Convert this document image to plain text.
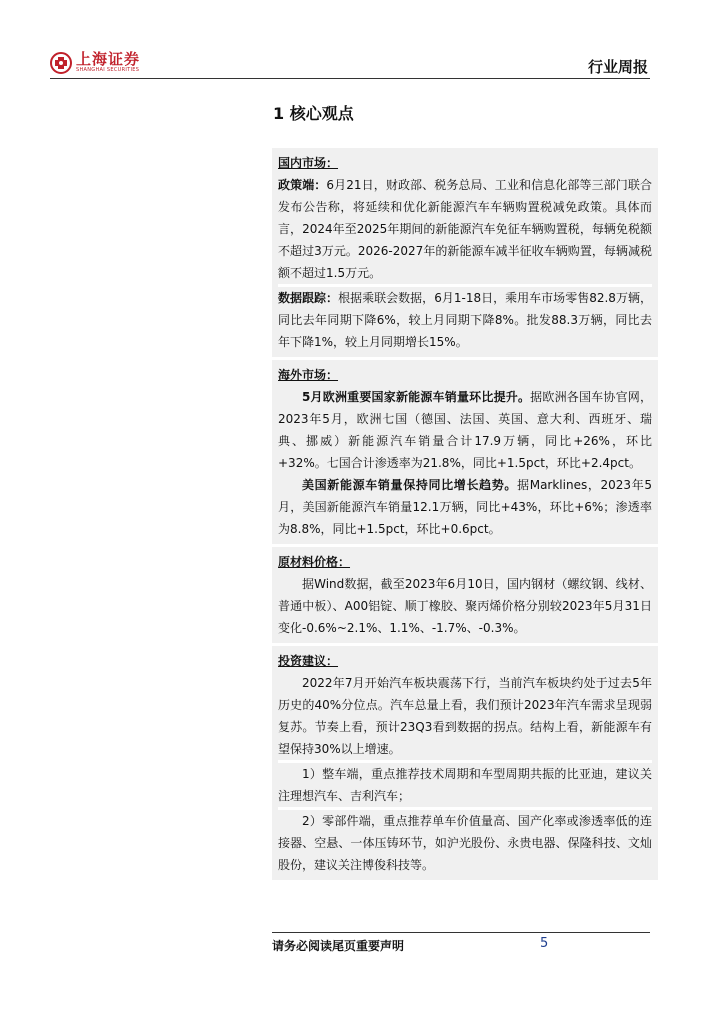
上海证券
SHANGHAI SECURITIES	行业周报
1 核心观点
国内市场：

政策端：6月21日，财政部、税务总局、工业和信息化部等三部门联合发布公告称，将延续和优化新能源汽车车辆购置税减免政策。具体而言，2024年至2025年期间的新能源汽车免征车辆购置税，每辆免税额不超过3万元。2026-2027年的新能源车减半征收车辆购置，每辆减税额不超过1.5万元。

数据跟踪：根据乘联会数据，6月1-18日，乘用车市场零售82.8万辆，同比去年同期下降6%，较上月同期下降8%。批发88.3万辆，同比去年下降1%，较上月同期增长15%。

海外市场：

5月欧洲重要国家新能源车销量环比提升。据欧洲各国车协官网，2023年5月，欧洲七国（德国、法国、英国、意大利、西班牙、瑞典、挪威）新能源汽车销量合计17.9万辆，同比+26%，环比+32%。七国合计渗透率为21.8%，同比+1.5pct，环比+2.4pct。

美国新能源车销量保持同比增长趋势。据Marklines，2023年5月，美国新能源汽车销量12.1万辆，同比+43%，环比+6%；渗透率为8.8%，同比+1.5pct，环比+0.6pct。

原材料价格：

据Wind数据，截至2023年6月10日，国内钢材（螺纹钢、线材、普通中板）、A00铝锭、顺丁橡胶、聚丙烯价格分别较2023年5月31日变化-0.6%~2.1%、1.1%、-1.7%、-0.3%。

投资建议：

2022年7月开始汽车板块震荡下行，当前汽车板块约处于过去5年历史的40%分位点。汽车总量上看，我们预计2023年汽车需求呈现弱复苏。节奏上看，预计23Q3看到数据的拐点。结构上看，新能源车有望保持30%以上增速。

1）整车端，重点推荐技术周期和车型周期共振的比亚迪，建议关注理想汽车、吉利汽车；

2）零部件端，重点推荐单车价值量高、国产化率或渗透率低的连接器、空悬、一体压铸环节，如沪光股份、永贵电器、保隆科技、文灿股份，建议关注博俊科技等。

请务必阅读尾页重要声明	5
